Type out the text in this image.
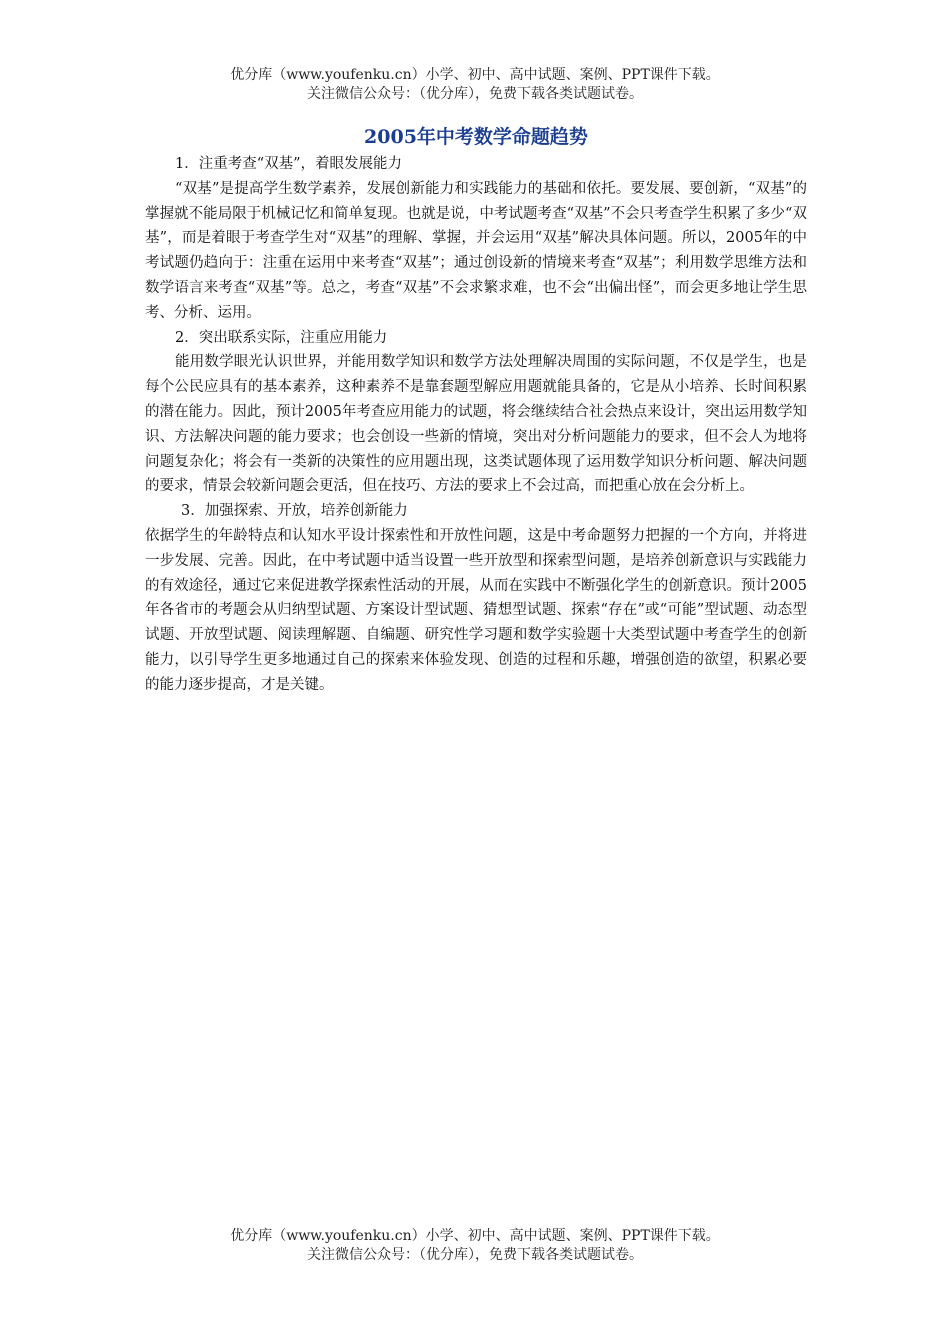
优分库（www.youfenku.cn）小学、初中、高中试题、案例、PPT课件下载。
关注微信公众号：（优分库），免费下载各类试题试卷。
2005年中考数学命题趋势

1．注重考查“双基”，着眼发展能力

“双基”是提高学生数学素养，发展创新能力和实践能力的基础和依托。要发展、要创新，“双基”的掌握就不能局限于机械记忆和简单复现。也就是说，中考试题考查“双基”不会只考查学生积累了多少“双基”，而是着眼于考查学生对“双基”的理解、掌握，并会运用“双基”解决具体问题。所以，2005年的中考试题仍趋向于：注重在运用中来考查“双基”；通过创设新的情境来考查“双基”；利用数学思维方法和数学语言来考查“双基”等。总之，考查“双基”不会求繁求难，也不会“出偏出怪”，而会更多地让学生思考、分析、运用。

2．突出联系实际，注重应用能力

能用数学眼光认识世界，并能用数学知识和数学方法处理解决周围的实际问题，不仅是学生，也是每个公民应具有的基本素养，这种素养不是靠套题型解应用题就能具备的，它是从小培养、长时间积累的潜在能力。因此，预计2005年考查应用能力的试题，将会继续结合社会热点来设计，突出运用数学知识、方法解决问题的能力要求；也会创设一些新的情境，突出对分析问题能力的要求，但不会人为地将问题复杂化；将会有一类新的决策性的应用题出现，这类试题体现了运用数学知识分析问题、解决问题的要求，情景会较新问题会更活，但在技巧、方法的要求上不会过高，而把重心放在会分析上。

3．加强探索、开放，培养创新能力

依据学生的年龄特点和认知水平设计探索性和开放性问题，这是中考命题努力把握的一个方向，并将进一步发展、完善。因此，在中考试题中适当设置一些开放型和探索型问题，是培养创新意识与实践能力的有效途径，通过它来促进教学探索性活动的开展，从而在实践中不断强化学生的创新意识。预计2005年各省市的考题会从归纳型试题、方案设计型试题、猜想型试题、探索“存在”或“可能”型试题、动态型试题、开放型试题、阅读理解题、自编题、研究性学习题和数学实验题十大类型试题中考查学生的创新能力，以引导学生更多地通过自己的探索来体验发现、创造的过程和乐趣，增强创造的欲望，积累必要的能力逐步提高，才是关键。

优分库（www.youfenku.cn）小学、初中、高中试题、案例、PPT课件下载。
关注微信公众号：（优分库），免费下载各类试题试卷。
